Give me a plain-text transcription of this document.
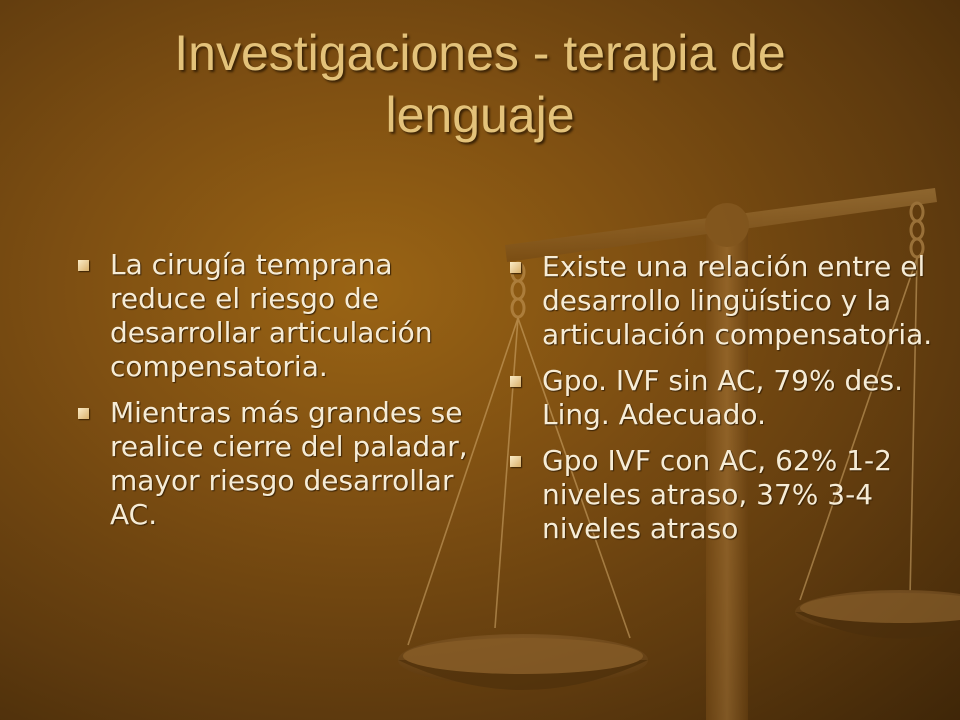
Investigaciones - terapia de
lenguaje
La cirugía temprana reduce el riesgo de desarrollar articulación compensatoria.
Mientras más grandes se realice cierre del paladar, mayor riesgo desarrollar AC.
Existe una relación entre el desarrollo lingüístico y la articulación compensatoria.
Gpo. IVF sin AC, 79% des. Ling. Adecuado.
Gpo IVF con AC, 62% 1-2 niveles atraso, 37% 3-4 niveles atraso
